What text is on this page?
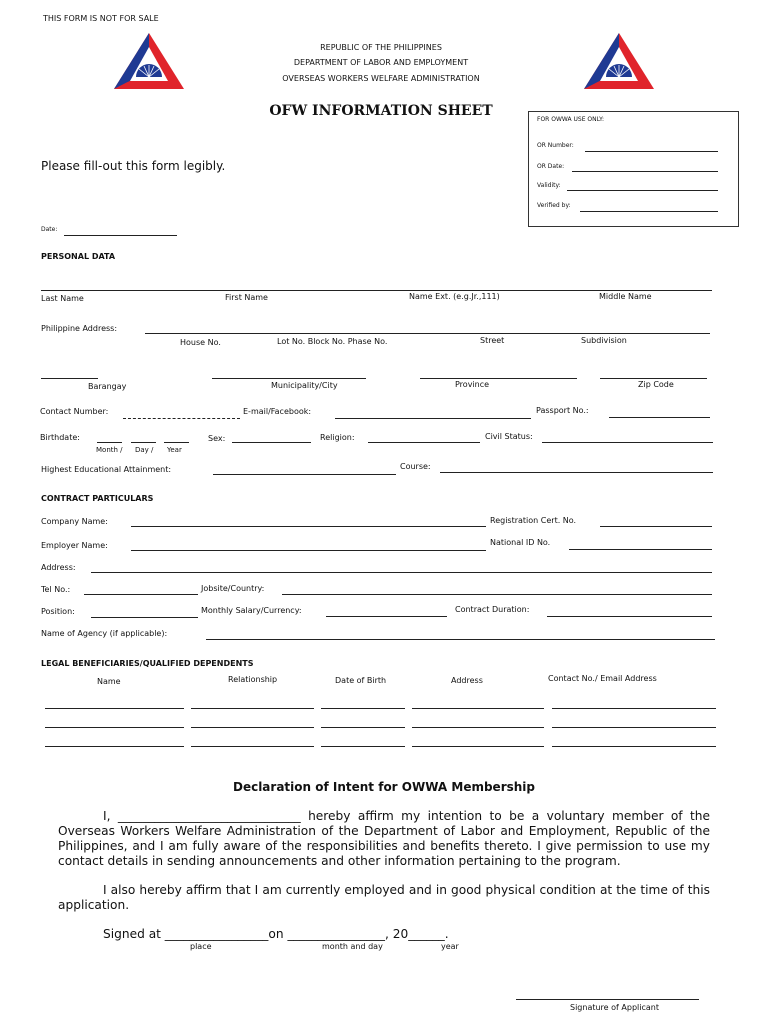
THIS FORM IS NOT FOR SALE
REPUBLIC OF THE PHILIPPINES
DEPARTMENT OF LABOR AND EMPLOYMENT
OVERSEAS WORKERS WELFARE ADMINISTRATION
OFW INFORMATION SHEET
FOR OWWA USE ONLY:
OR Number:
OR Date:
Validity:
Verified by:
Please fill-out this form legibly.
Date:
PERSONAL DATA
Last Name	First Name	Name Ext. (e.g.Jr.,111)	Middle Name
Philippine Address:
House No.	Lot No. Block No. Phase No.	Street	Subdivision
Barangay	Municipality/City	Province	Zip Code
Contact Number:	E-mail/Facebook:	Passport No.:
Birthdate:
Month / Day / Year
Sex:	Religion:	Civil Status:
Highest Educational Attainment:	Course:
CONTRACT PARTICULARS
Company Name:	Registration Cert. No.
Employer Name:	National ID No.
Address:
Tel No.:	Jobsite/Country:
Position:	Monthly Salary/Currency:	Contract Duration:
Name of Agency (if applicable):
LEGAL BENEFICIARIES/QUALIFIED DEPENDENTS
Name	Relationship	Date of Birth	Address	Contact No./ Email Address
Declaration of Intent for OWWA Membership
I, ______________________________ hereby affirm my intention to be a voluntary member of the Overseas Workers Welfare Administration of the Department of Labor and Employment, Republic of the Philippines, and I am fully aware of the responsibilities and benefits thereto. I give permission to use my contact details in sending announcements and other information pertaining to the program.
I also hereby affirm that I am currently employed and in good physical condition at the time of this application.
Signed at _________________on ________________, 20______.
place	month and day	year
Signature of Applicant
